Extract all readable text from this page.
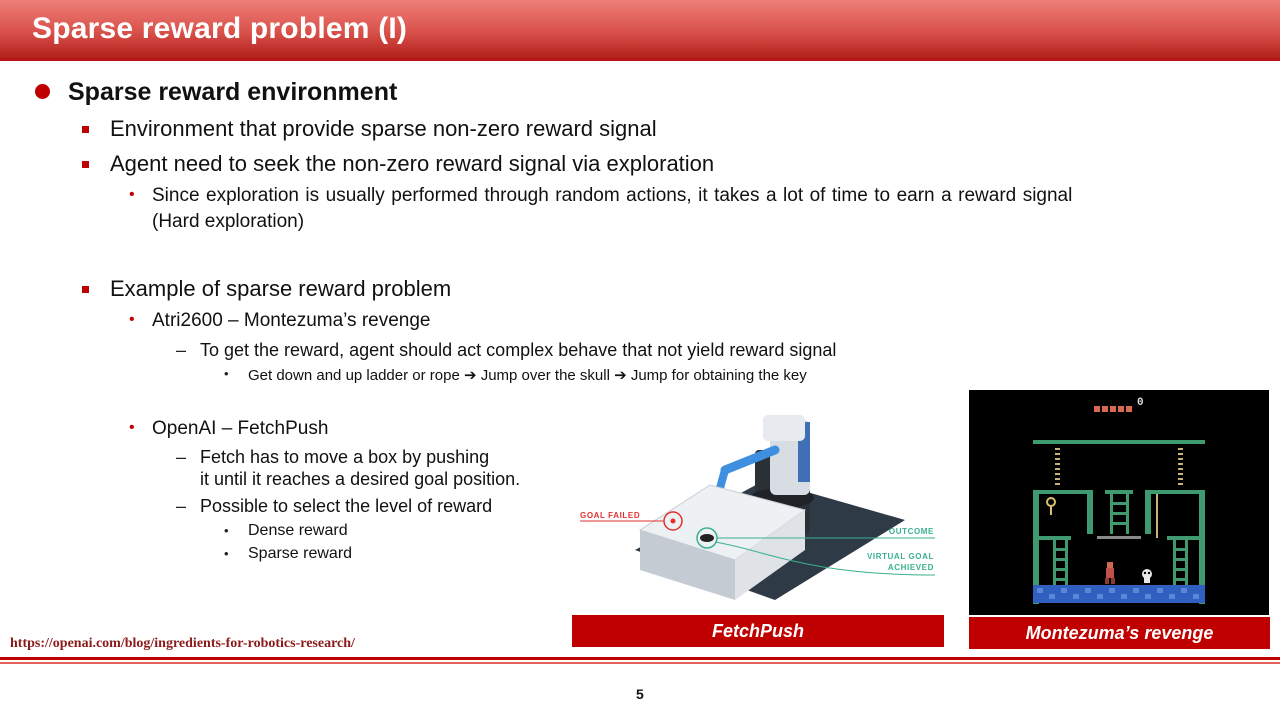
Sparse reward problem (I)
Sparse reward environment
Environment that provide sparse non-zero reward signal
Agent need to seek the non-zero reward signal via exploration
• Since exploration is usually performed through random actions, it takes a lot of time to earn a reward signal
(Hard exploration)
Example of sparse reward problem
• Atri2600 – Montezuma’s revenge
– To get the reward, agent should act complex behave that not yield reward signal
• Get down and up ladder or rope ➔ Jump over the skull ➔ Jump for obtaining the key
• OpenAI – FetchPush
– Fetch has to move a box by pushing
it until it reaches a desired goal position.
– Possible to select the level of reward
• Dense reward
• Sparse reward
GOAL FAILED
OUTCOME
VIRTUAL GOAL
ACHIEVED
0
FetchPush	Montezuma’s revenge
https://openai.com/blog/ingredients-for-robotics-research/
5
